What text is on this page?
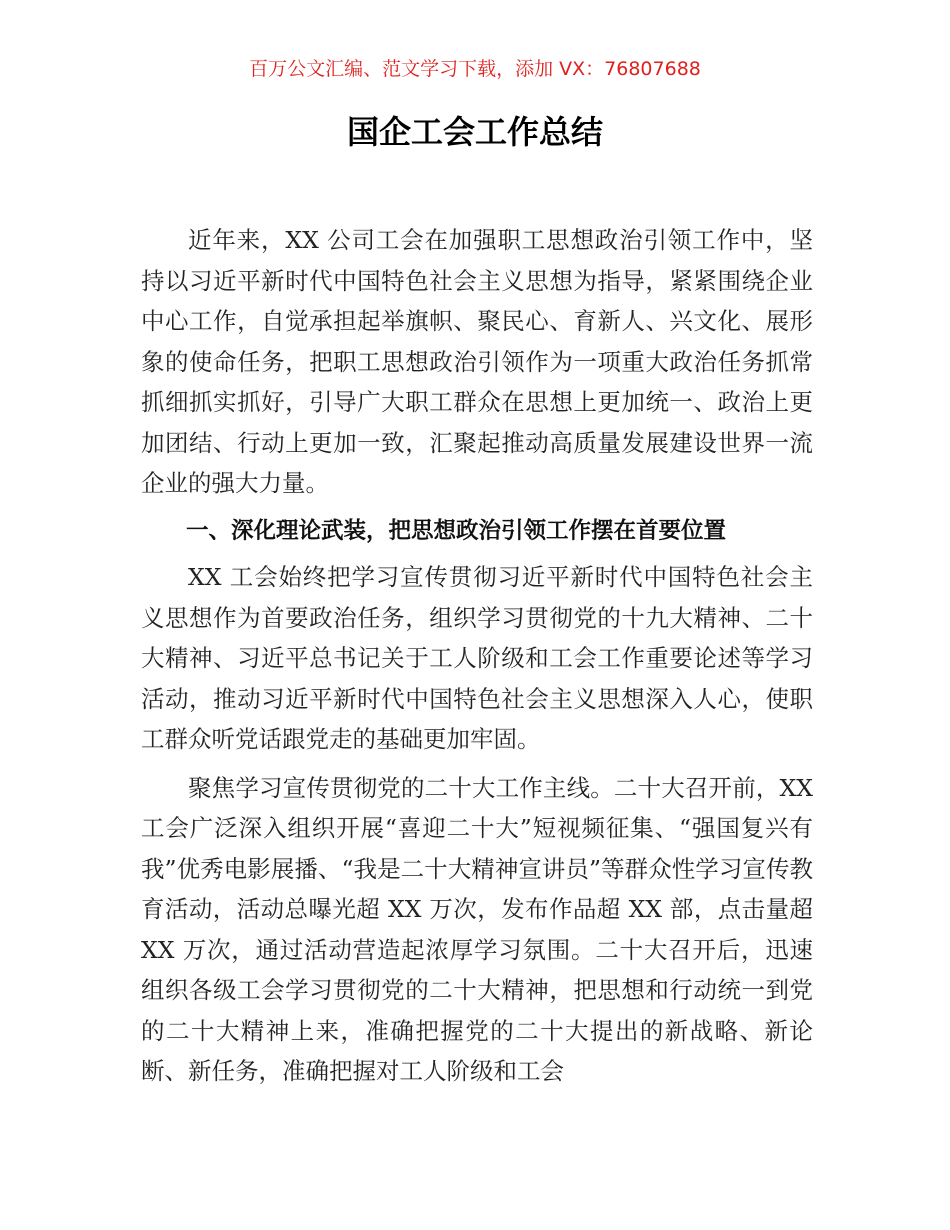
百万公文汇编、范文学习下载，添加 VX：76807688
国企工会工作总结

近年来，XX 公司工会在加强职工思想政治引领工作中，坚持以习近平新时代中国特色社会主义思想为指导，紧紧围绕企业中心工作，自觉承担起举旗帜、聚民心、育新人、兴文化、展形象的使命任务，把职工思想政治引领作为一项重大政治任务抓常抓细抓实抓好，引导广大职工群众在思想上更加统一、政治上更加团结、行动上更加一致，汇聚起推动高质量发展建设世界一流企业的强大力量。

一、深化理论武装，把思想政治引领工作摆在首要位置

XX 工会始终把学习宣传贯彻习近平新时代中国特色社会主义思想作为首要政治任务，组织学习贯彻党的十九大精神、二十大精神、习近平总书记关于工人阶级和工会工作重要论述等学习活动，推动习近平新时代中国特色社会主义思想深入人心，使职工群众听党话跟党走的基础更加牢固。

聚焦学习宣传贯彻党的二十大工作主线。二十大召开前，XX 工会广泛深入组织开展“喜迎二十大”短视频征集、“强国复兴有我”优秀电影展播、“我是二十大精神宣讲员”等群众性学习宣传教育活动，活动总曝光超 XX 万次，发布作品超 XX 部，点击量超 XX 万次，通过活动营造起浓厚学习氛围。二十大召开后，迅速组织各级工会学习贯彻党的二十大精神，把思想和行动统一到党的二十大精神上来，准确把握党的二十大提出的新战略、新论断、新任务，准确把握对工人阶级和工会
